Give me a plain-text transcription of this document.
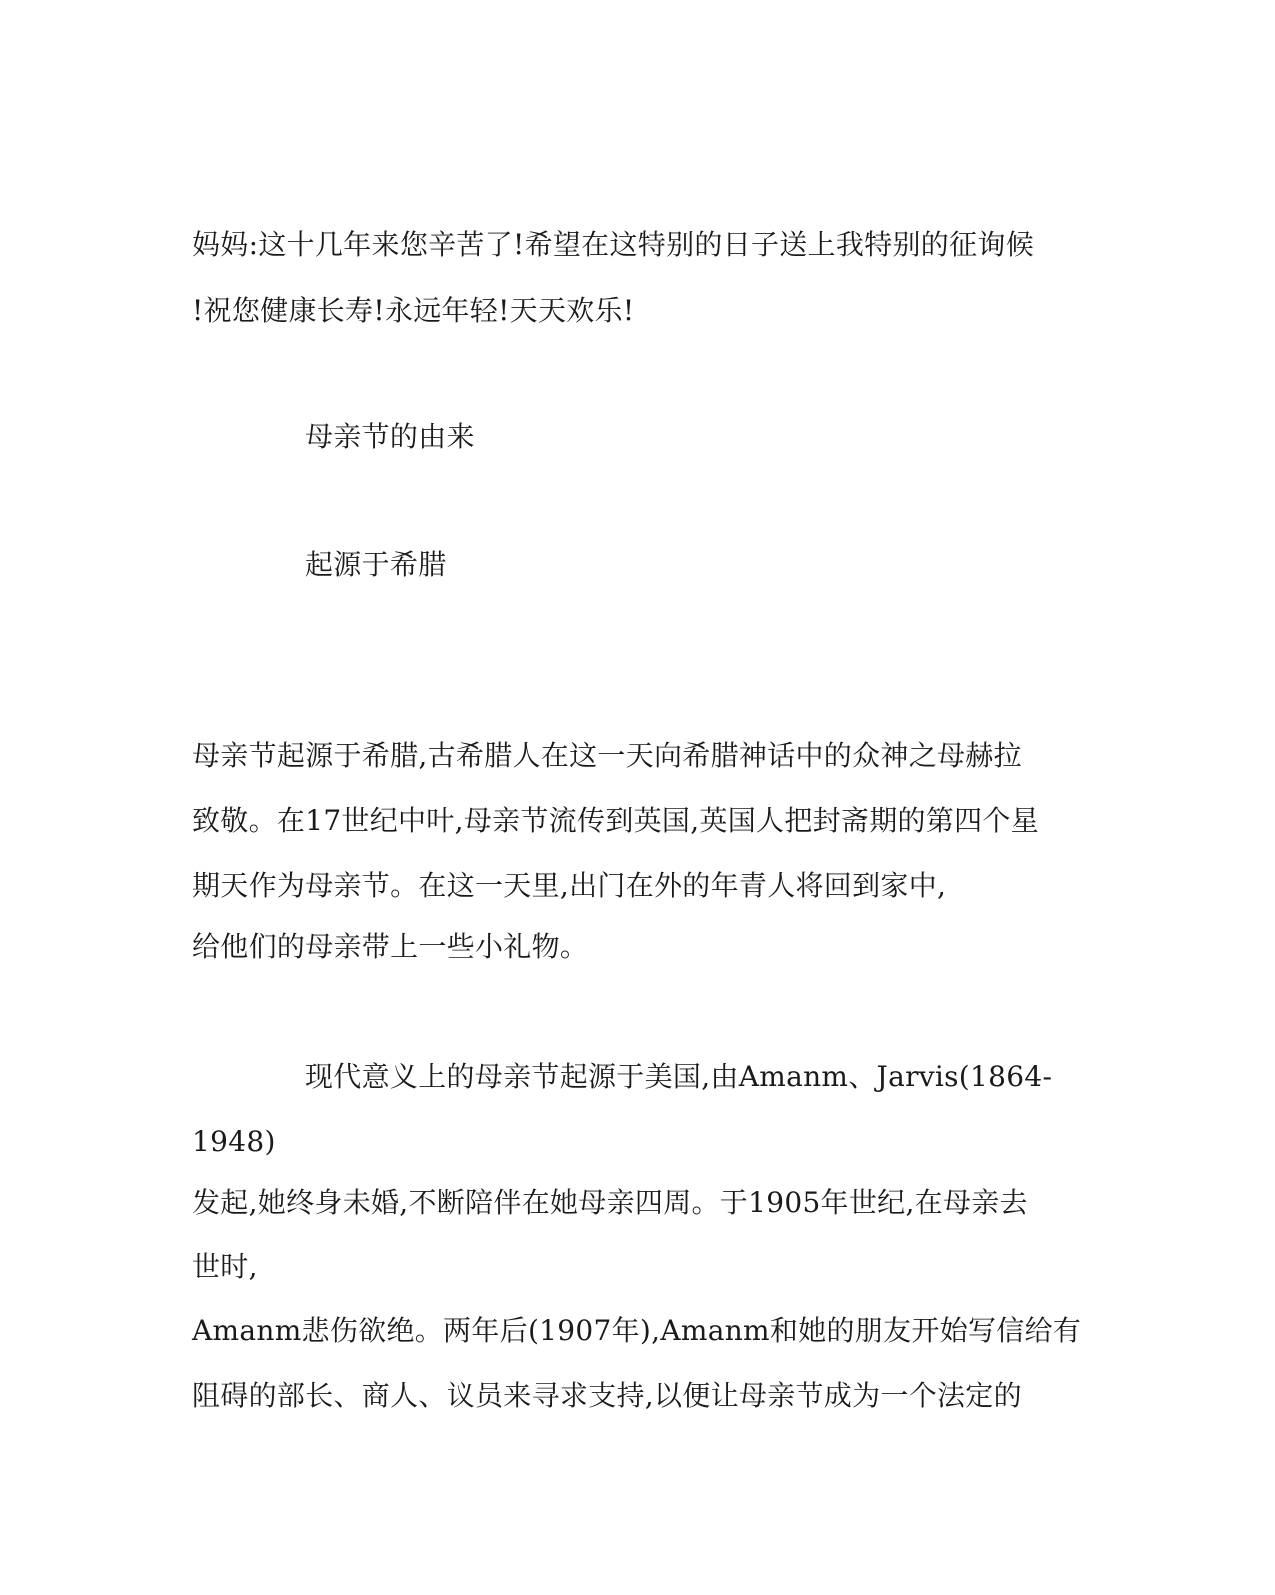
妈妈:这十几年来您辛苦了!希望在这特别的日子送上我特别的征询候
!祝您健康长寿!永远年轻!天天欢乐!
母亲节的由来
起源于希腊
母亲节起源于希腊,古希腊人在这一天向希腊神话中的众神之母赫拉
致敬。在17世纪中叶,母亲节流传到英国,英国人把封斋期的第四个星
期天作为母亲节。在这一天里,出门在外的年青人将回到家中,
给他们的母亲带上一些小礼物。
现代意义上的母亲节起源于美国,由Amanm、Jarvis(1864-
1948)
发起,她终身未婚,不断陪伴在她母亲四周。于1905年世纪,在母亲去
世时,
Amanm悲伤欲绝。两年后(1907年),Amanm和她的朋友开始写信给有
阻碍的部长、商人、议员来寻求支持,以便让母亲节成为一个法定的
